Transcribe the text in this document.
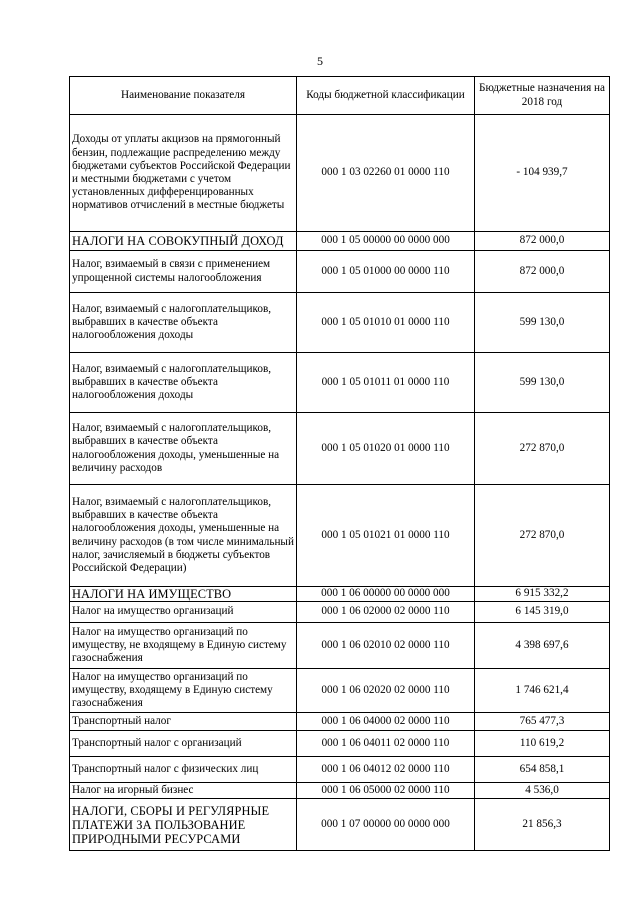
5
Наименование показателя	Коды бюджетной классификации	Бюджетные назначения на 2018 год
Доходы от уплаты акцизов на прямогонный бензин, подлежащие распределению между бюджетами субъектов Российской Федерации и местными бюджетами с учетом установленных дифференцированных нормативов отчислений в местные бюджеты	000 1 03 02260 01 0000 110	- 104 939,7
НАЛОГИ НА СОВОКУПНЫЙ ДОХОД	000 1 05 00000 00 0000 000	872 000,0
Налог, взимаемый в связи с применением упрощенной системы налогообложения	000 1 05 01000 00 0000 110	872 000,0
Налог, взимаемый с налогоплательщиков, выбравших в качестве объекта налогообложения доходы	000 1 05 01010 01 0000 110	599 130,0
Налог, взимаемый с налогоплательщиков, выбравших в качестве объекта налогообложения доходы	000 1 05 01011 01 0000 110	599 130,0
Налог, взимаемый с налогоплательщиков, выбравших в качестве объекта налогообложения доходы, уменьшенные на величину расходов	000 1 05 01020 01 0000 110	272 870,0
Налог, взимаемый с налогоплательщиков, выбравших в качестве объекта налогообложения доходы, уменьшенные на величину расходов (в том числе минимальный налог, зачисляемый в бюджеты субъектов Российской Федерации)	000 1 05 01021 01 0000 110	272 870,0
НАЛОГИ НА ИМУЩЕСТВО	000 1 06 00000 00 0000 000	6 915 332,2
Налог на имущество организаций	000 1 06 02000 02 0000 110	6 145 319,0
Налог на имущество организаций по имуществу, не входящему в Единую систему газоснабжения	000 1 06 02010 02 0000 110	4 398 697,6
Налог на имущество организаций по имуществу, входящему в Единую систему газоснабжения	000 1 06 02020 02 0000 110	1 746 621,4
Транспортный налог	000 1 06 04000 02 0000 110	765 477,3
Транспортный налог с организаций	000 1 06 04011 02 0000 110	110 619,2
Транспортный налог с физических лиц	000 1 06 04012 02 0000 110	654 858,1
Налог на игорный бизнес	000 1 06 05000 02 0000 110	4 536,0
НАЛОГИ, СБОРЫ И РЕГУЛЯРНЫЕ ПЛАТЕЖИ ЗА ПОЛЬЗОВАНИЕ ПРИРОДНЫМИ РЕСУРСАМИ	000 1 07 00000 00 0000 000	21 856,3
